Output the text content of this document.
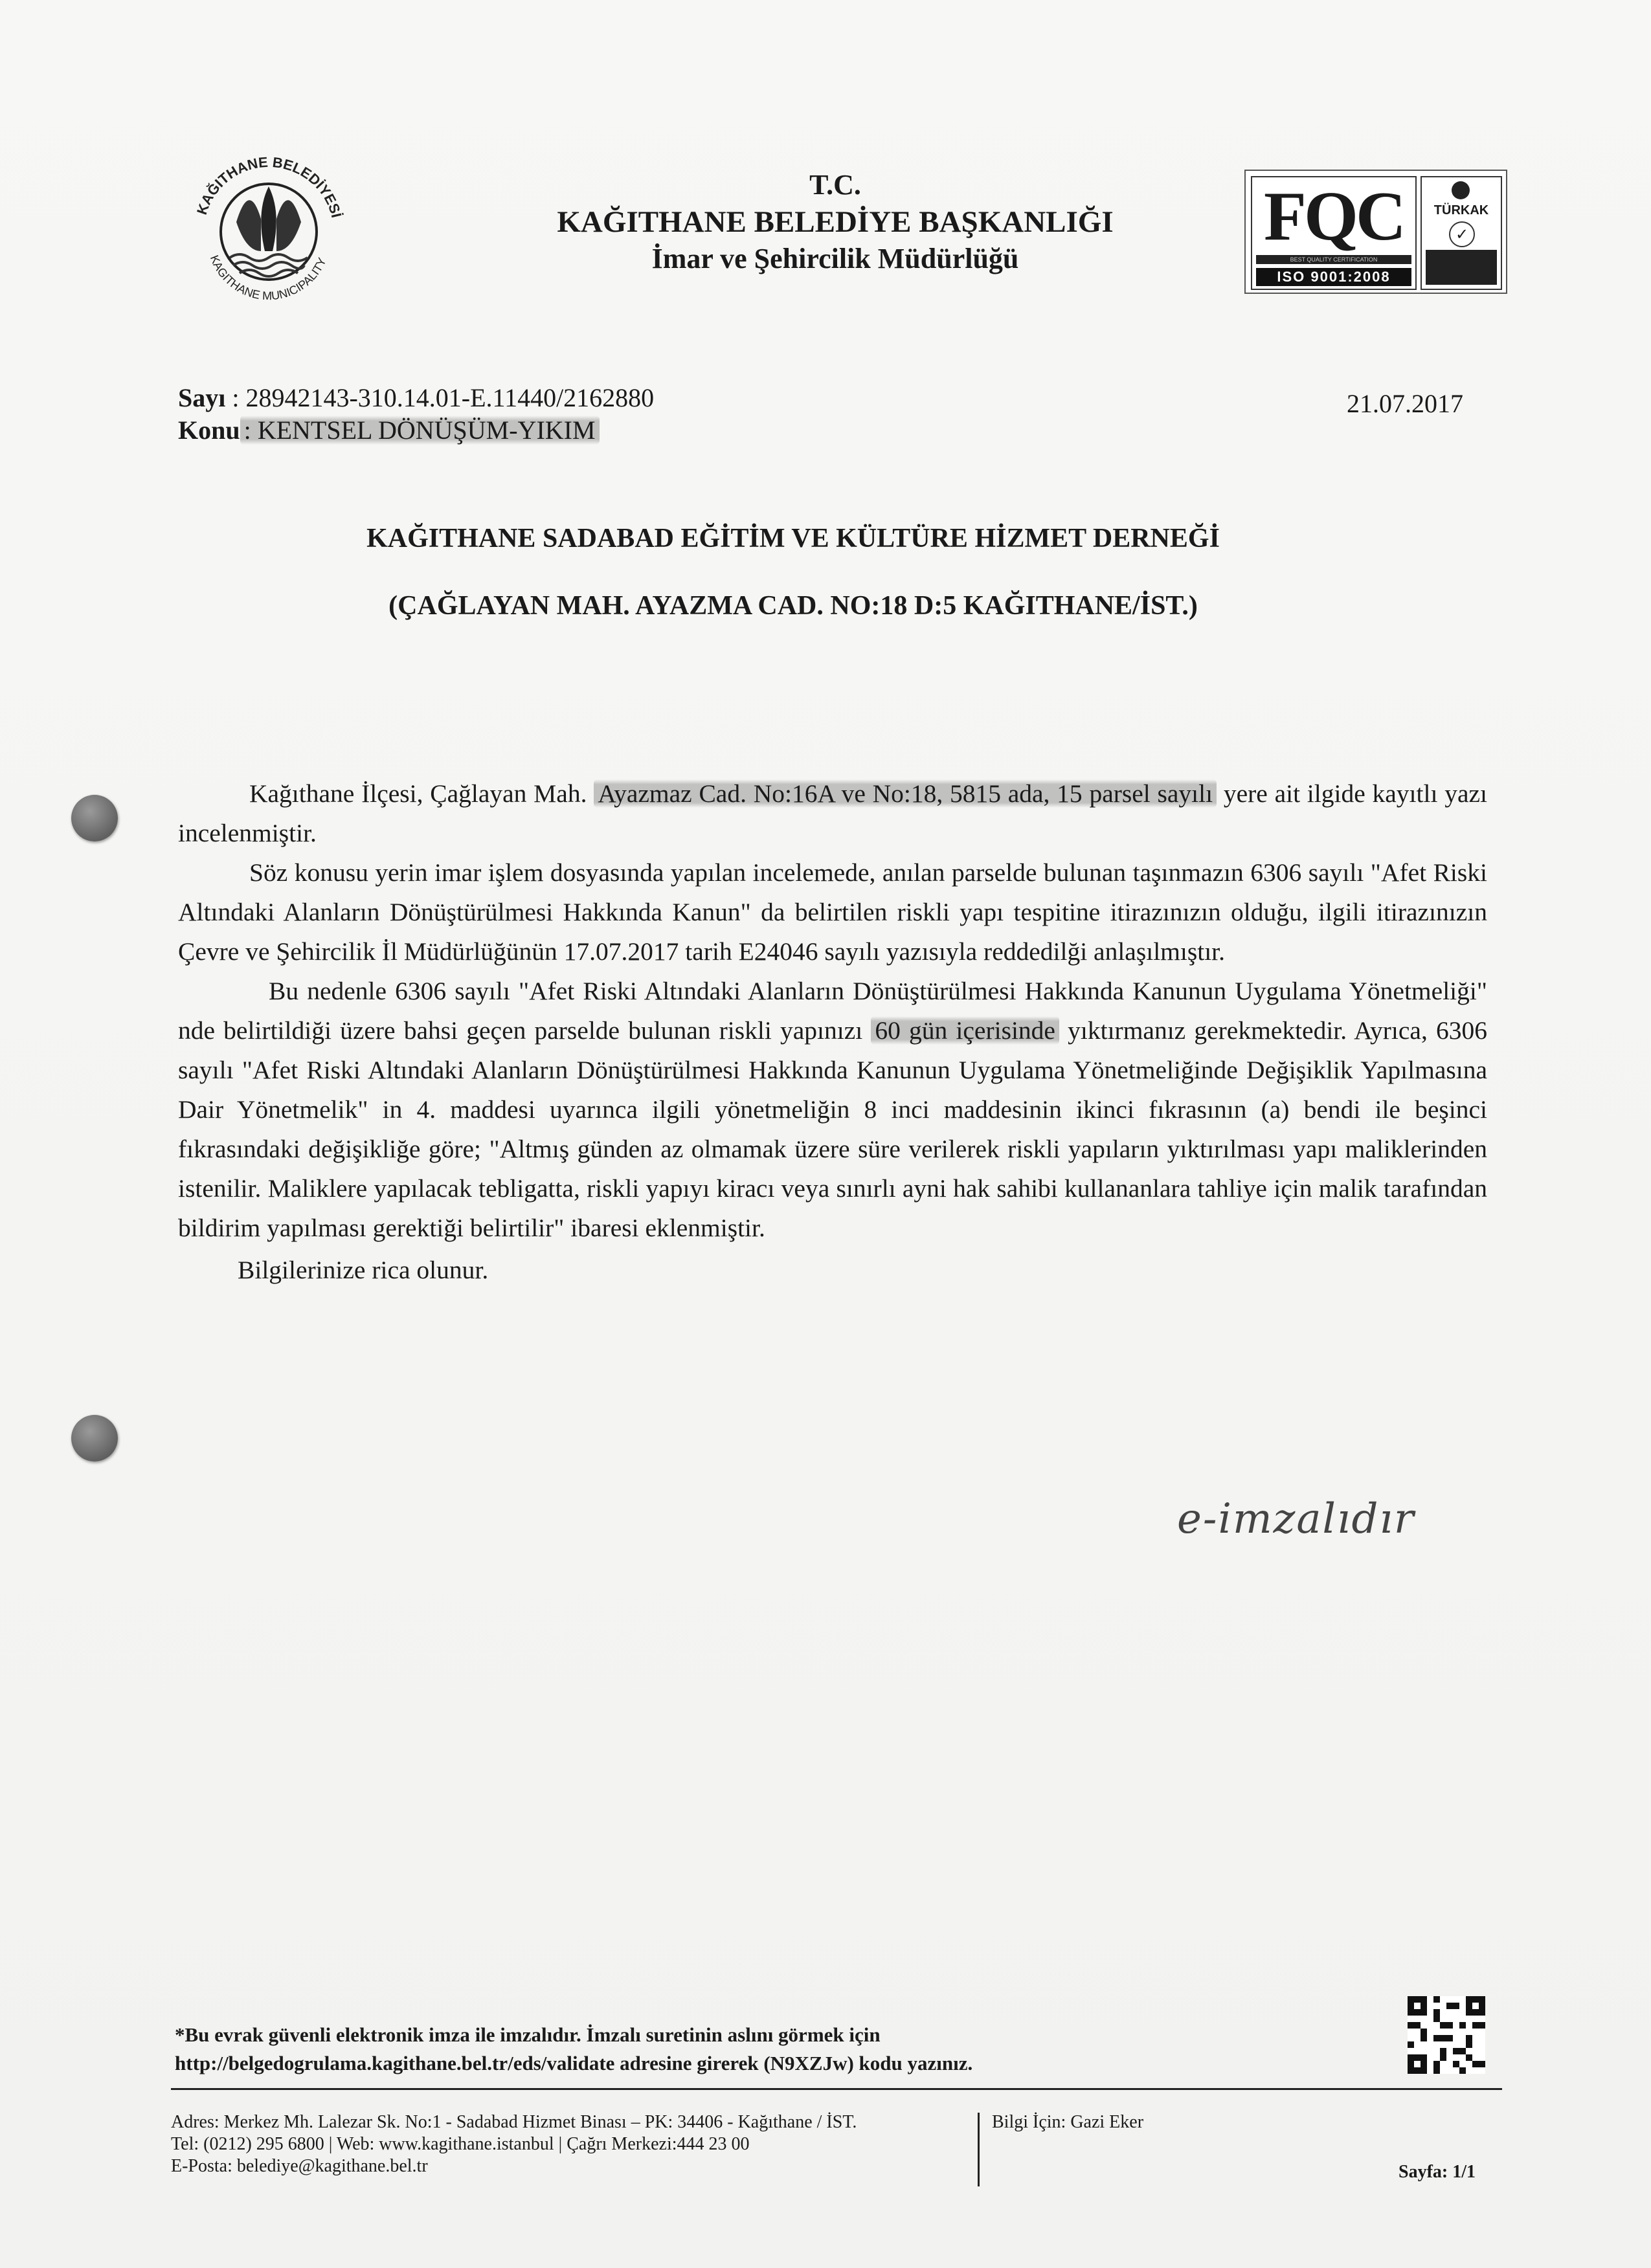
KAĞITHANE BELEDİYESİ
KAGITHANE MUNICIPALITY
T.C.
KAĞITHANE BELEDİYE BAŞKANLIĞI
İmar ve Şehircilik Müdürlüğü
FQC
BEST QUALITY CERTIFICATION
ISO 9001:2008
TÜRKAK
✓
Sayı : 28942143-310.14.01-E.11440/2162880
Konu : KENTSEL DÖNÜŞÜM-YIKIM
21.07.2017
KAĞITHANE SADABAD EĞİTİM VE KÜLTÜRE HİZMET DERNEĞİ
(ÇAĞLAYAN MAH. AYAZMA CAD. NO:18 D:5 KAĞITHANE/İST.)

Kağıthane İlçesi, Çağlayan Mah. Ayazmaz Cad. No:16A ve No:18, 5815 ada, 15 parsel sayılı yere ait ilgide kayıtlı yazı incelenmiştir.

Söz konusu yerin imar işlem dosyasında yapılan incelemede, anılan parselde bulunan taşınmazın 6306 sayılı "Afet Riski Altındaki Alanların Dönüştürülmesi Hakkında Kanun" da belirtilen riskli yapı tespitine itirazınızın olduğu, ilgili itirazınızın Çevre ve Şehircilik İl Müdürlüğünün 17.07.2017 tarih E24046 sayılı yazısıyla reddedilği anlaşılmıştır.

Bu nedenle 6306 sayılı "Afet Riski Altındaki Alanların Dönüştürülmesi Hakkında Kanunun Uygulama Yönetmeliği" nde belirtildiği üzere bahsi geçen parselde bulunan riskli yapınızı 60 gün içerisinde yıktırmanız gerekmektedir. Ayrıca, 6306 sayılı "Afet Riski Altındaki Alanların Dönüştürülmesi Hakkında Kanunun Uygulama Yönetmeliğinde Değişiklik Yapılmasına Dair Yönetmelik" in 4. maddesi uyarınca ilgili yönetmeliğin 8 inci maddesinin ikinci fıkrasının (a) bendi ile beşinci fıkrasındaki değişikliğe göre; "Altmış günden az olmamak üzere süre verilerek riskli yapıların yıktırılması yapı maliklerinden istenilir. Maliklere yapılacak tebligatta, riskli yapıyı kiracı veya sınırlı ayni hak sahibi kullananlara tahliye için malik tarafından bildirim yapılması gerektiği belirtilir" ibaresi eklenmiştir.

Bilgilerinize rica olunur.

e-imzalıdır
*Bu evrak güvenli elektronik imza ile imzalıdır. İmzalı suretinin aslını görmek için
http://belgedogrulama.kagithane.bel.tr/eds/validate adresine girerek (N9XZJw) kodu yazınız.
Adres: Merkez Mh. Lalezar Sk. No:1 - Sadabad Hizmet Binası – PK: 34406 - Kağıthane / İST.
Tel: (0212) 295 6800 | Web: www.kagithane.istanbul | Çağrı Merkezi:444 23 00
E-Posta: belediye@kagithane.bel.tr
Bilgi İçin: Gazi Eker
Sayfa: 1/1
